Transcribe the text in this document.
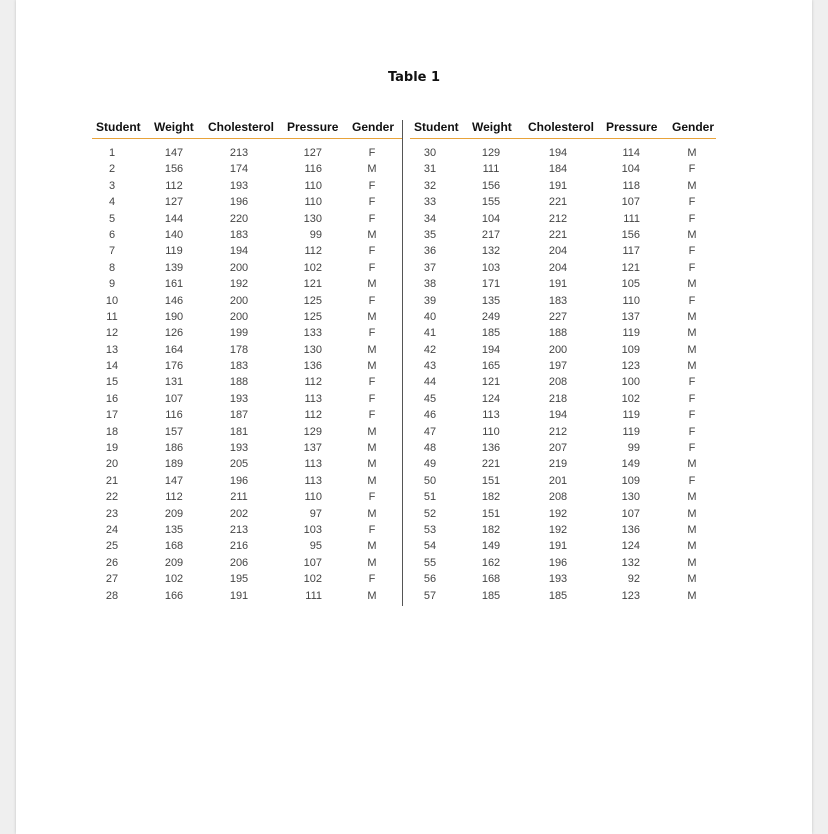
Table 1
Student Weight Cholesterol Pressure Gender
1	147	213	127	F
2	156	174	116	M
3	112	193	110	F
4	127	196	110	F
5	144	220	130	F
6	140	183	99	M
7	119	194	112	F
8	139	200	102	F
9	161	192	121	M
10	146	200	125	F
11	190	200	125	M
12	126	199	133	F
13	164	178	130	M
14	176	183	136	M
15	131	188	112	F
16	107	193	113	F
17	116	187	112	F
18	157	181	129	M
19	186	193	137	M
20	189	205	113	M
21	147	196	113	M
22	112	211	110	F
23	209	202	97	M
24	135	213	103	F
25	168	216	95	M
26	209	206	107	M
27	102	195	102	F
28	166	191	111	M
Student Weight Cholesterol Pressure Gender
30	129	194	114	M
31	111	184	104	F
32	156	191	118	M
33	155	221	107	F
34	104	212	111	F
35	217	221	156	M
36	132	204	117	F
37	103	204	121	F
38	171	191	105	M
39	135	183	110	F
40	249	227	137	M
41	185	188	119	M
42	194	200	109	M
43	165	197	123	M
44	121	208	100	F
45	124	218	102	F
46	113	194	119	F
47	110	212	119	F
48	136	207	99	F
49	221	219	149	M
50	151	201	109	F
51	182	208	130	M
52	151	192	107	M
53	182	192	136	M
54	149	191	124	M
55	162	196	132	M
56	168	193	92	M
57	185	185	123	M
